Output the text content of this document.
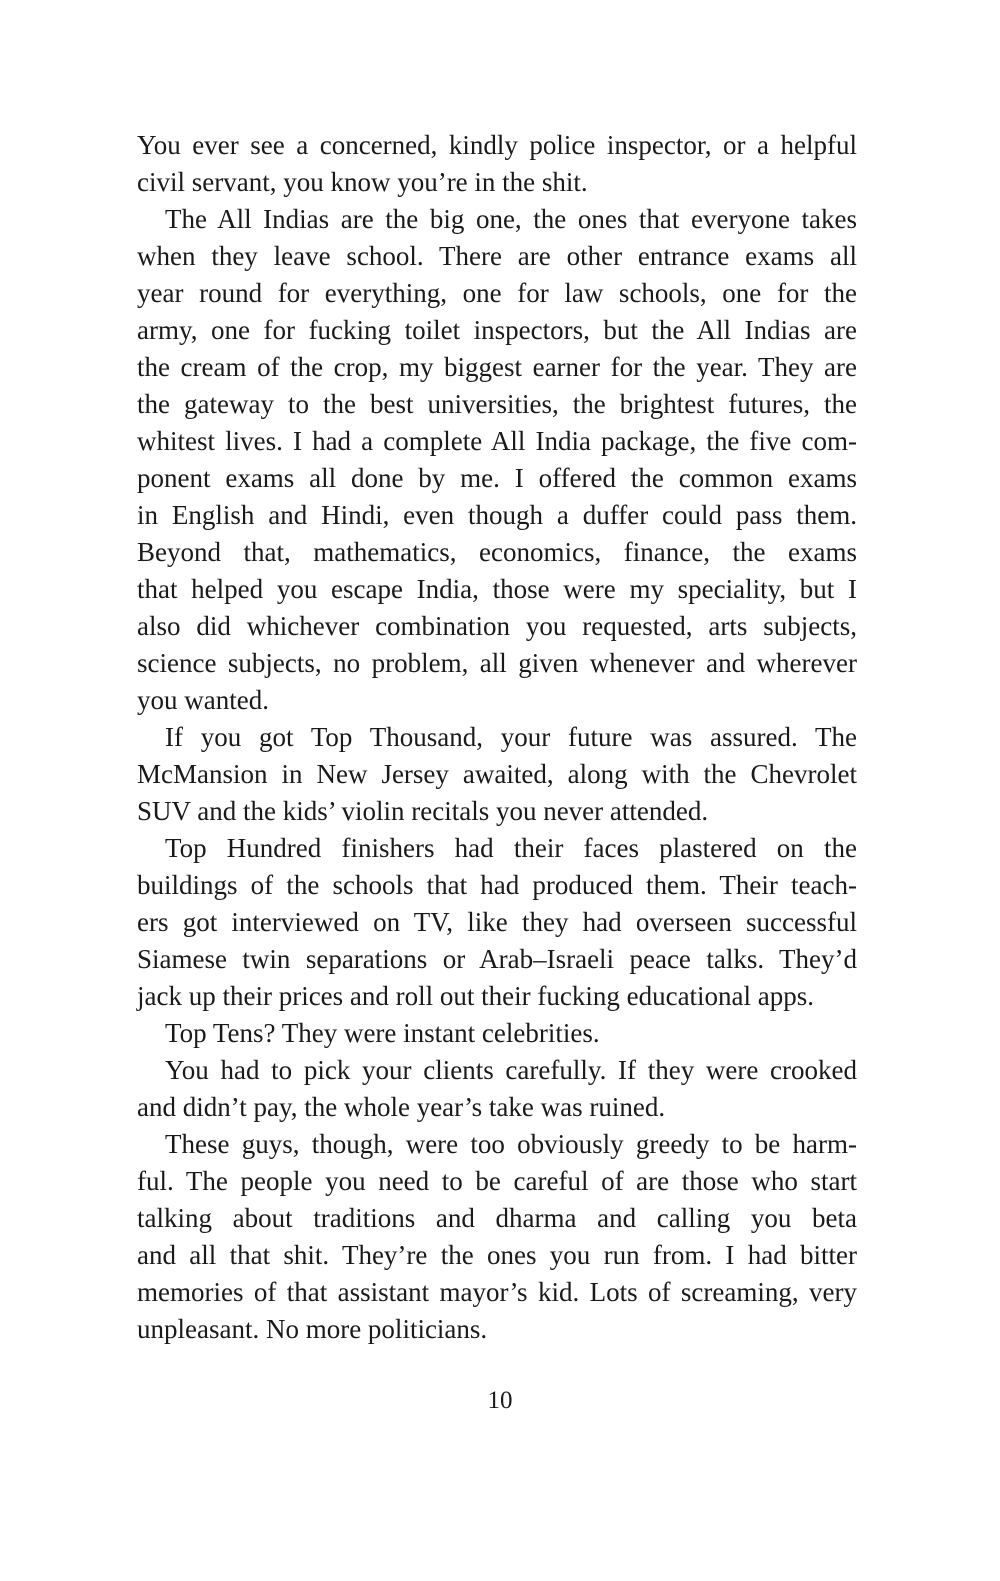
You ever see a concerned, kindly police inspector, or a helpful
civil servant, you know you’re in the shit.
The All Indias are the big one, the ones that everyone takes
when they leave school. There are other entrance exams all
year round for everything, one for law schools, one for the
army, one for fucking toilet inspectors, but the All Indias are
the cream of the crop, my biggest earner for the year. They are
the gateway to the best universities, the brightest futures, the
whitest lives. I had a complete All India package, the five com-
ponent exams all done by me. I offered the common exams
in English and Hindi, even though a duffer could pass them.
Beyond that, mathematics, economics, finance, the exams
that helped you escape India, those were my speciality, but I
also did whichever combination you requested, arts subjects,
science subjects, no problem, all given whenever and wherever
you wanted.
If you got Top Thousand, your future was assured. The
McMansion in New Jersey awaited, along with the Chevrolet
SUV and the kids’ violin recitals you never attended.
Top Hundred finishers had their faces plastered on the
buildings of the schools that had produced them. Their teach-
ers got interviewed on TV, like they had overseen successful
Siamese twin separations or Arab–Israeli peace talks. They’d
jack up their prices and roll out their fucking educational apps.
Top Tens? They were instant celebrities.
You had to pick your clients carefully. If they were crooked
and didn’t pay, the whole year’s take was ruined.
These guys, though, were too obviously greedy to be harm-
ful. The people you need to be careful of are those who start
talking about traditions and dharma and calling you beta
and all that shit. They’re the ones you run from. I had bitter
memories of that assistant mayor’s kid. Lots of screaming, very
unpleasant. No more politicians.
10
